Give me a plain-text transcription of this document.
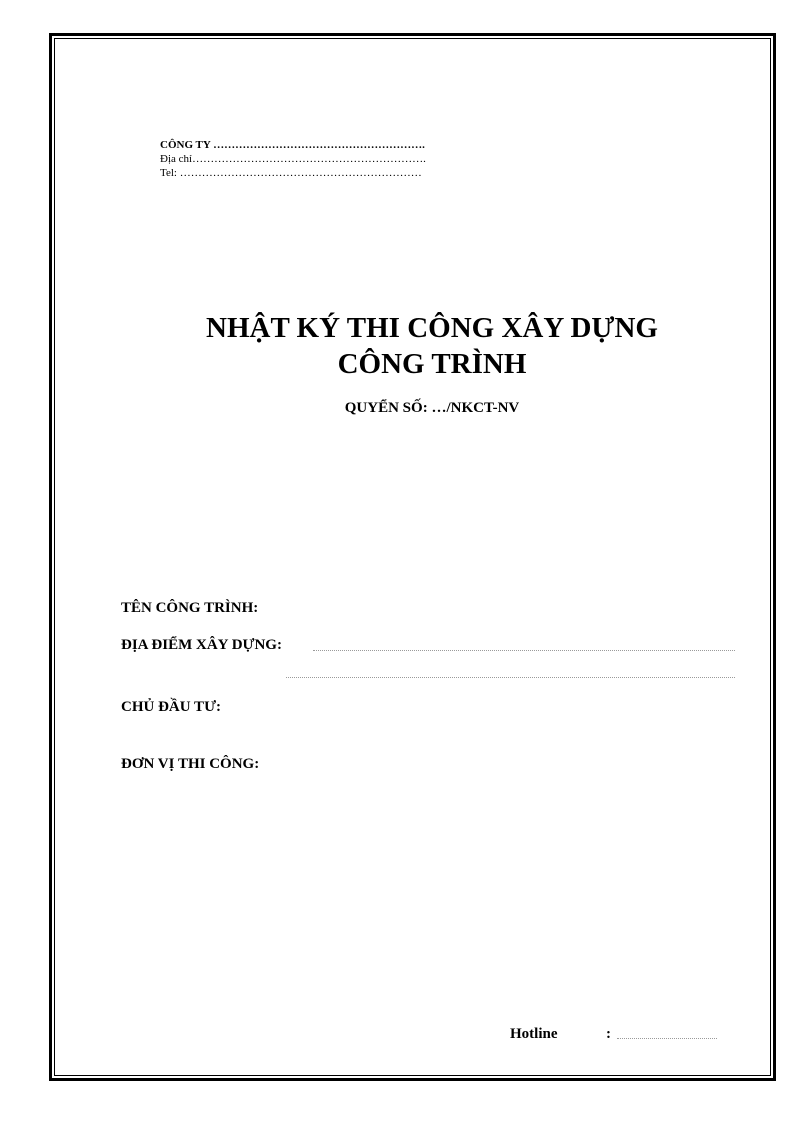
CÔNG TY ………………………………………………….
Địa chỉ……………………………………………………….
Tel: …………………………………………………………
NHẬT KÝ THI CÔNG XÂY DỰNG
CÔNG TRÌNH
QUYỂN SỐ: …/NKCT-NV
TÊN CÔNG TRÌNH:
ĐỊA ĐIỂM XÂY DỰNG:
CHỦ ĐẦU TƯ:
ĐƠN VỊ THI CÔNG:
Hotline	:
